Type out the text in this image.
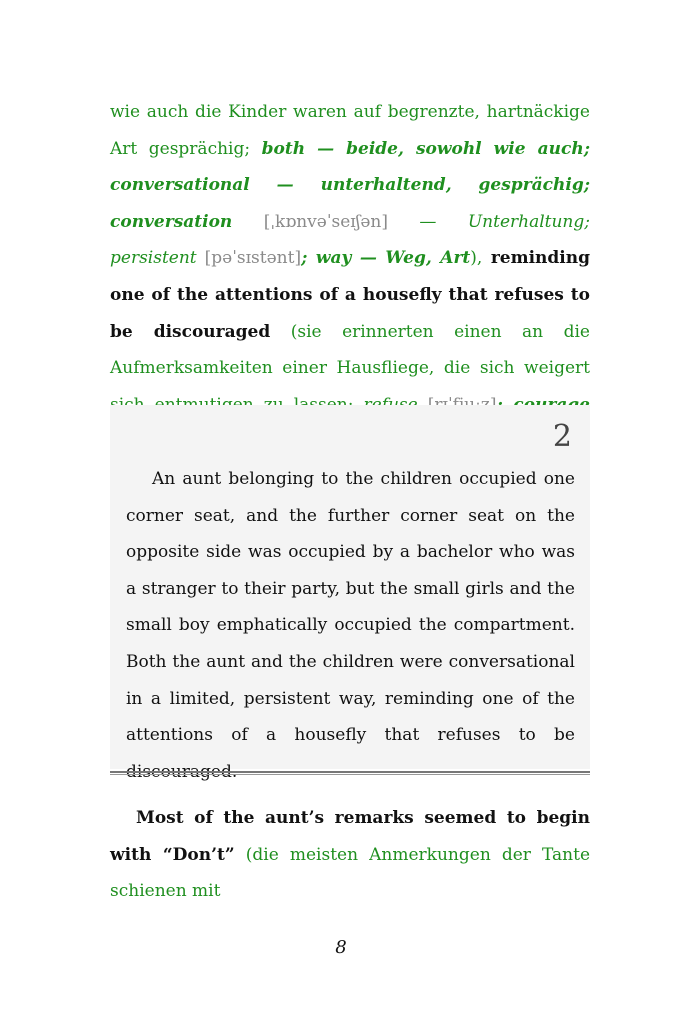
wie auch die Kinder waren auf begrenzte, hartnäckige Art gesprächig; both — beide, sowohl wie auch; conversational — unterhaltend, gesprächig; conversation [ˌkɒnvəˈseɪʃən] — Unterhaltung; persistent [pəˈsɪstənt]; way — Weg, Art), reminding one of the attentions of a housefly that refuses to be discouraged (sie erinnerten einen an die Aufmerksamkeiten einer Hausfliege, die sich weigert

2

An aunt belonging to the children occupied one corner seat, and the further corner seat on the opposite side was occupied by a bachelor who was a stranger to their party, but the small girls and the small boy emphatically occupied the compartment. Both the aunt and the children were conversational in a limited, persistent way, reminding one of the attentions of a housefly that refuses to be discouraged.

Most of the aunt’s remarks seemed to begin with “Don’t” (die meisten Anmerkungen der Tante schienen mit

8
